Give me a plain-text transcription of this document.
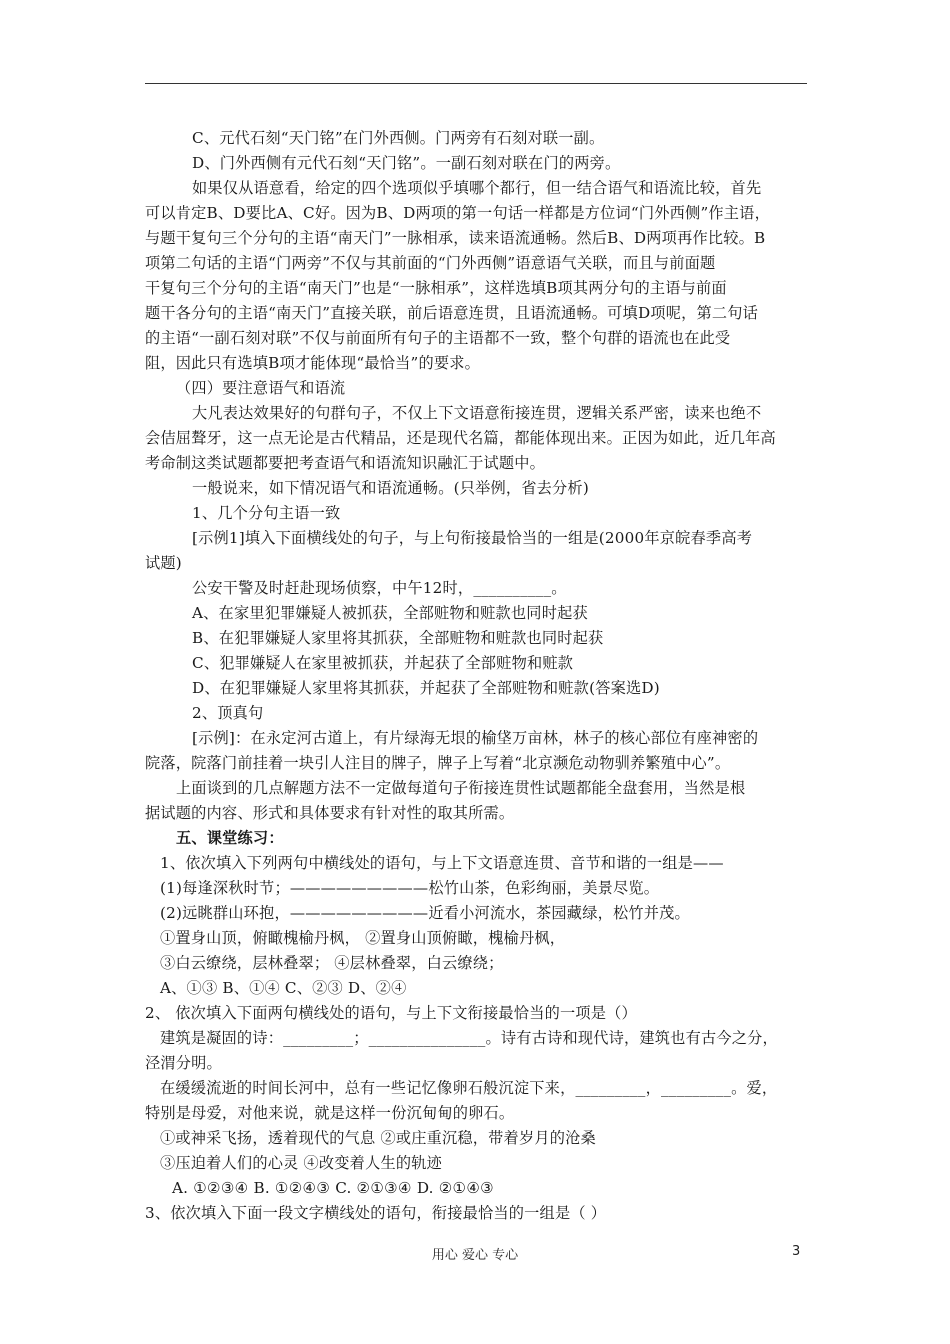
C、元代石刻“天门铭”在门外西侧。门两旁有石刻对联一副。
D、门外西侧有元代石刻“天门铭”。一副石刻对联在门的两旁。
如果仅从语意看，给定的四个选项似乎填哪个都行，但一结合语气和语流比较，首先
可以肯定B、D要比A、C好。因为B、D两项的第一句话一样都是方位词“门外西侧”作主语，
与题干复句三个分句的主语“南天门”一脉相承，读来语流通畅。然后B、D两项再作比较。B
项第二句话的主语“门两旁”不仅与其前面的“门外西侧”语意语气关联，而且与前面题
干复句三个分句的主语“南天门”也是“一脉相承”，这样选填B项其两分句的主语与前面
题干各分句的主语“南天门”直接关联，前后语意连贯，且语流通畅。可填D项呢，第二句话
的主语“一副石刻对联”不仅与前面所有句子的主语都不一致，整个句群的语流也在此受
阻，因此只有选填B项才能体现“最恰当”的要求。
（四）要注意语气和语流
大凡表达效果好的句群句子，不仅上下文语意衔接连贯，逻辑关系严密，读来也绝不
会佶屈聱牙，这一点无论是古代精品，还是现代名篇，都能体现出来。正因为如此，近几年高
考命制这类试题都要把考查语气和语流知识融汇于试题中。
一般说来，如下情况语气和语流通畅。(只举例，省去分析)
1、几个分句主语一致
[示例1]填入下面横线处的句子，与上句衔接最恰当的一组是(2000年京皖春季高考
试题)
公安干警及时赶赴现场侦察，中午12时，__________。
A、在家里犯罪嫌疑人被抓获，全部赃物和赃款也同时起获
B、在犯罪嫌疑人家里将其抓获，全部赃物和赃款也同时起获
C、犯罪嫌疑人在家里被抓获，并起获了全部赃物和赃款
D、在犯罪嫌疑人家里将其抓获，并起获了全部赃物和赃款(答案选D)
2、顶真句
[示例]：在永定河古道上，有片绿海无垠的榆垡万亩林，林子的核心部位有座神密的
院落，院落门前挂着一块引人注目的牌子，牌子上写着“北京濒危动物驯养繁殖中心”。
上面谈到的几点解题方法不一定做每道句子衔接连贯性试题都能全盘套用，当然是根
据试题的内容、形式和具体要求有针对性的取其所需。
五、课堂练习：
1、依次填入下列两句中横线处的语句，与上下文语意连贯、音节和谐的一组是——
(1)每逢深秋时节；—————————松竹山茶，色彩绚丽，美景尽览。
(2)远眺群山环抱，—————————近看小河流水，茶园藏绿，松竹并茂。
①置身山顶，俯瞰槐榆丹枫， ②置身山顶俯瞰，槐榆丹枫，
③白云缭绕，层林叠翠； ④层林叠翠，白云缭绕；
A、①③ B、①④ C、②③ D、②④
2、 依次填入下面两句横线处的语句，与上下文衔接最恰当的一项是（）
建筑是凝固的诗：_________；_______________。诗有古诗和现代诗，建筑也有古今之分，
泾渭分明。
在缓缓流逝的时间长河中，总有一些记忆像卵石般沉淀下来，_________，_________。爱，
特别是母爱，对他来说，就是这样一份沉甸甸的卵石。
①或神采飞扬，透着现代的气息 ②或庄重沉稳，带着岁月的沧桑
③压迫着人们的心灵 ④改变着人生的轨迹
A. ①②③④ B. ①②④③ C. ②①③④ D. ②①④③
3、依次填入下面一段文字横线处的语句，衔接最恰当的一组是（ ）
用心 爱心 专心	3
